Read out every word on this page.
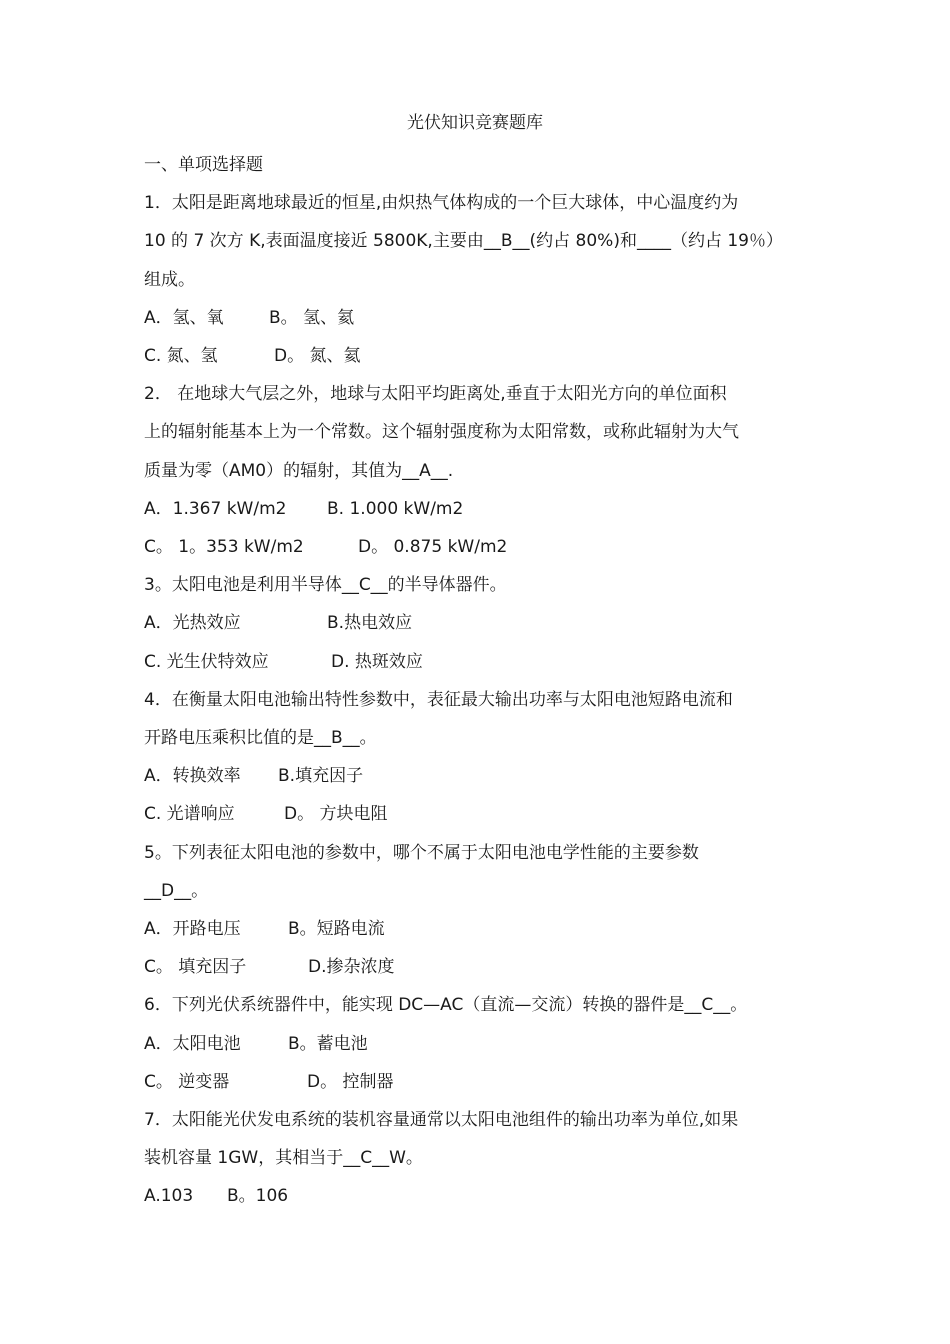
光伏知识竞赛题库
一、单项选择题
1．太阳是距离地球最近的恒星,由炽热气体构成的一个巨大球体，中心温度约为
10 的 7 次方 K,表面温度接近 5800K,主要由__B__(约占 80%)和____（约占 19％）
组成。
A．氢、氧	B。 氢、氦
C. 氮、氢	D。 氮、氦
2． 在地球大气层之外，地球与太阳平均距离处,垂直于太阳光方向的单位面积
上的辐射能基本上为一个常数。这个辐射强度称为太阳常数，或称此辐射为大气
质量为零（AM0）的辐射，其值为__A__.
A．1.367 kW/m2 B. 1.000 kW/m2
C。 1。353 kW/m2	D。 0.875 kW/m2
3。太阳电池是利用半导体__C__的半导体器件。
A．光热效应	B.热电效应
C. 光生伏特效应	D. 热斑效应
4．在衡量太阳电池输出特性参数中，表征最大输出功率与太阳电池短路电流和
开路电压乘积比值的是__B__。
A．转换效率 B.填充因子
C. 光谱响应	D。 方块电阻
5。下列表征太阳电池的参数中，哪个不属于太阳电池电学性能的主要参数
__D__。
A．开路电压	B。短路电流
C。 填充因子	D.掺杂浓度
6．下列光伏系统器件中，能实现 DC—AC（直流—交流）转换的器件是__C__。
A．太阳电池	B。蓄电池
C。 逆变器	D。 控制器
7．太阳能光伏发电系统的装机容量通常以太阳电池组件的输出功率为单位,如果
装机容量 1GW，其相当于__C__W。
A.103 B。106
